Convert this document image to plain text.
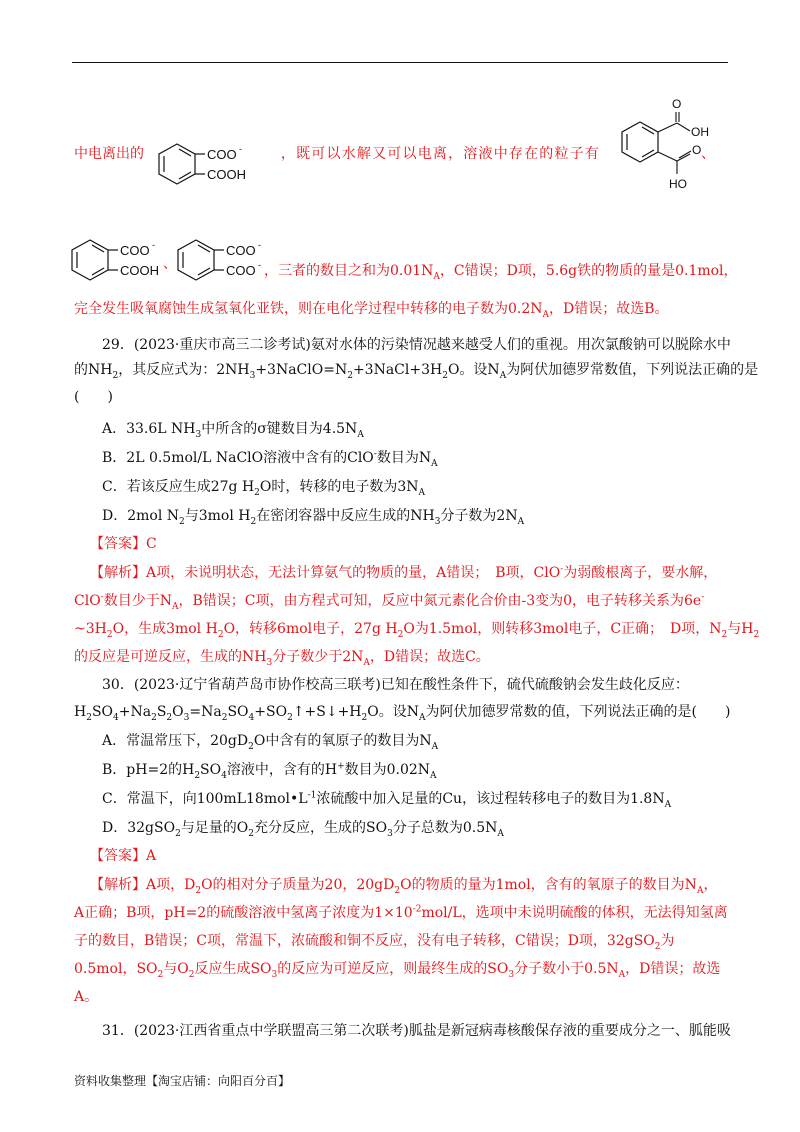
中电离出的	，既可以水解又可以电离，溶液中存在的粒子有	、
COO -
COOH
O
OH
O
HO
COO -
COOH 、
COO -
COO - ，三者的数目之和为$0.01N_A$，C错误；D项，5.6g铁的物质的量是0.1mol，
完全发生吸氧腐蚀生成氢氧化亚铁，则在电化学过程中转移的电子数为$0.2N_A$，D错误；故选B。
29．(2023·重庆市高三二诊考试)氨对水体的污染情况越来越受人们的重视。用次氯酸钠可以脱除水中
的$NH_2$，其反应式为：$2NH_3+3NaClO=N_2+3NaCl+3H_2O$。设$N_A$为阿伏加德罗常数值，下列说法正确的是
(　　)
A．33.6L $NH_3$中所含的σ键数目为$4.5N_A$
B．2L 0.5mol/L NaClO溶液中含有的ClO-数目为$N_A$
C．若该反应生成27g $H_2O$时，转移的电子数为$3N_A$
D．2mol $N_2$与3mol $H_2$在密闭容器中反应生成的$NH_3$分子数为$2N_A$
【答案】C
【解析】A项，未说明状态，无法计算氨气的物质的量，A错误；　B项，ClO-为弱酸根离子，要水解，
ClO-数目少于$N_A$，B错误；C项，由方程式可知，反应中氮元素化合价由-3变为0，电子转移关系为6e-
$\sim 3H_2O$，生成3mol $H_2O$，转移6mol电子，27g $H_2O$为1.5mol，则转移3mol电子，C正确；　D项，$N_2$与$H_2$
的反应是可逆反应，生成的$NH_3$分子数少于$2N_A$，D错误；故选C。
30．(2023·辽宁省葫芦岛市协作校高三联考)已知在酸性条件下，硫代硫酸钠会发生歧化反应：
$H_2SO_4+Na_2S_2O_3=Na_2SO_4+SO_2↑+S↓+H_2O$。设$N_A$为阿伏加德罗常数的值，下列说法正确的是(　　)
A．常温常压下，$20gD_2O$中含有的氧原子的数目为$N_A$
B．pH=2的$H_2SO_4$溶液中，含有的H+数目为$0.02N_A$
C．常温下，向$100mL18mol•L^{-1}$浓硫酸中加入足量的Cu，该过程转移电子的数目为$1.8N_A$
D．32gSO$_2$与足量的$O_2$充分反应，生成的$SO_3$分子总数为$0.5N_A$
【答案】A
【解析】A项，$D_2O$的相对分子质量为20，$20gD_2O$的物质的量为1mol，含有的氧原子的数目为$N_A$，
A正确；B项，pH=2的硫酸溶液中氢离子浓度为$1\times 10^{-2}mol/L$，选项中未说明硫酸的体积，无法得知氢离
子的数目，B错误；C项，常温下，浓硫酸和铜不反应，没有电子转移，C错误；D项，32gSO$_2$为
0.5mol，$SO_2$与$O_2$反应生成$SO_3$的反应为可逆反应，则最终生成的$SO_3$分子数小于$0.5N_A$，D错误；故选
A。
31．(2023·江西省重点中学联盟高三第二次联考)胍盐是新冠病毒核酸保存液的重要成分之一、胍能吸
资料收集整理【淘宝店铺：向阳百分百】
